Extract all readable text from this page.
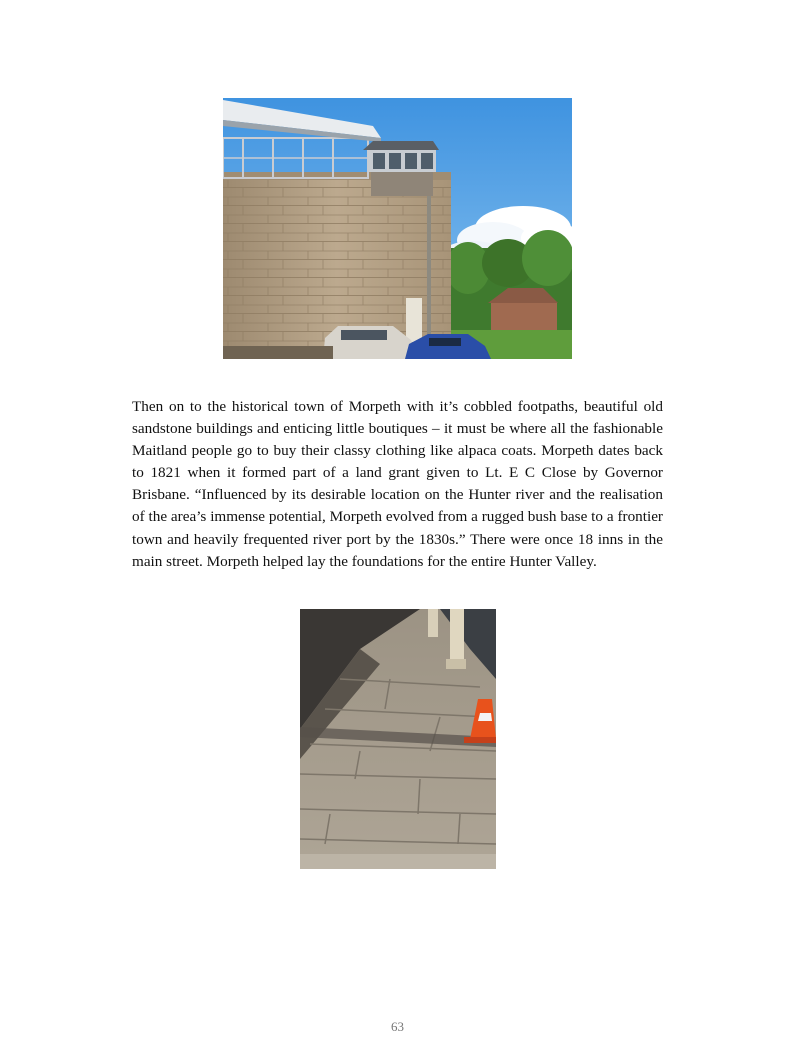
Then on to the historical town of Morpeth with it’s cobbled footpaths, beautiful old sandstone buildings and enticing little boutiques – it must be where all the fashionable Maitland people go to buy their classy clothing like alpaca coats. Morpeth dates back to 1821 when it formed part of a land grant given to Lt. E C Close by Governor Brisbane. “Influenced by its desirable location on the Hunter river and the realisation of the area’s immense potential, Morpeth evolved from a rugged bush base to a frontier town and heavily frequented river port by the 1830s.” There were once 18 inns in the main street. Morpeth helped lay the foundations for the entire Hunter Valley.

63
